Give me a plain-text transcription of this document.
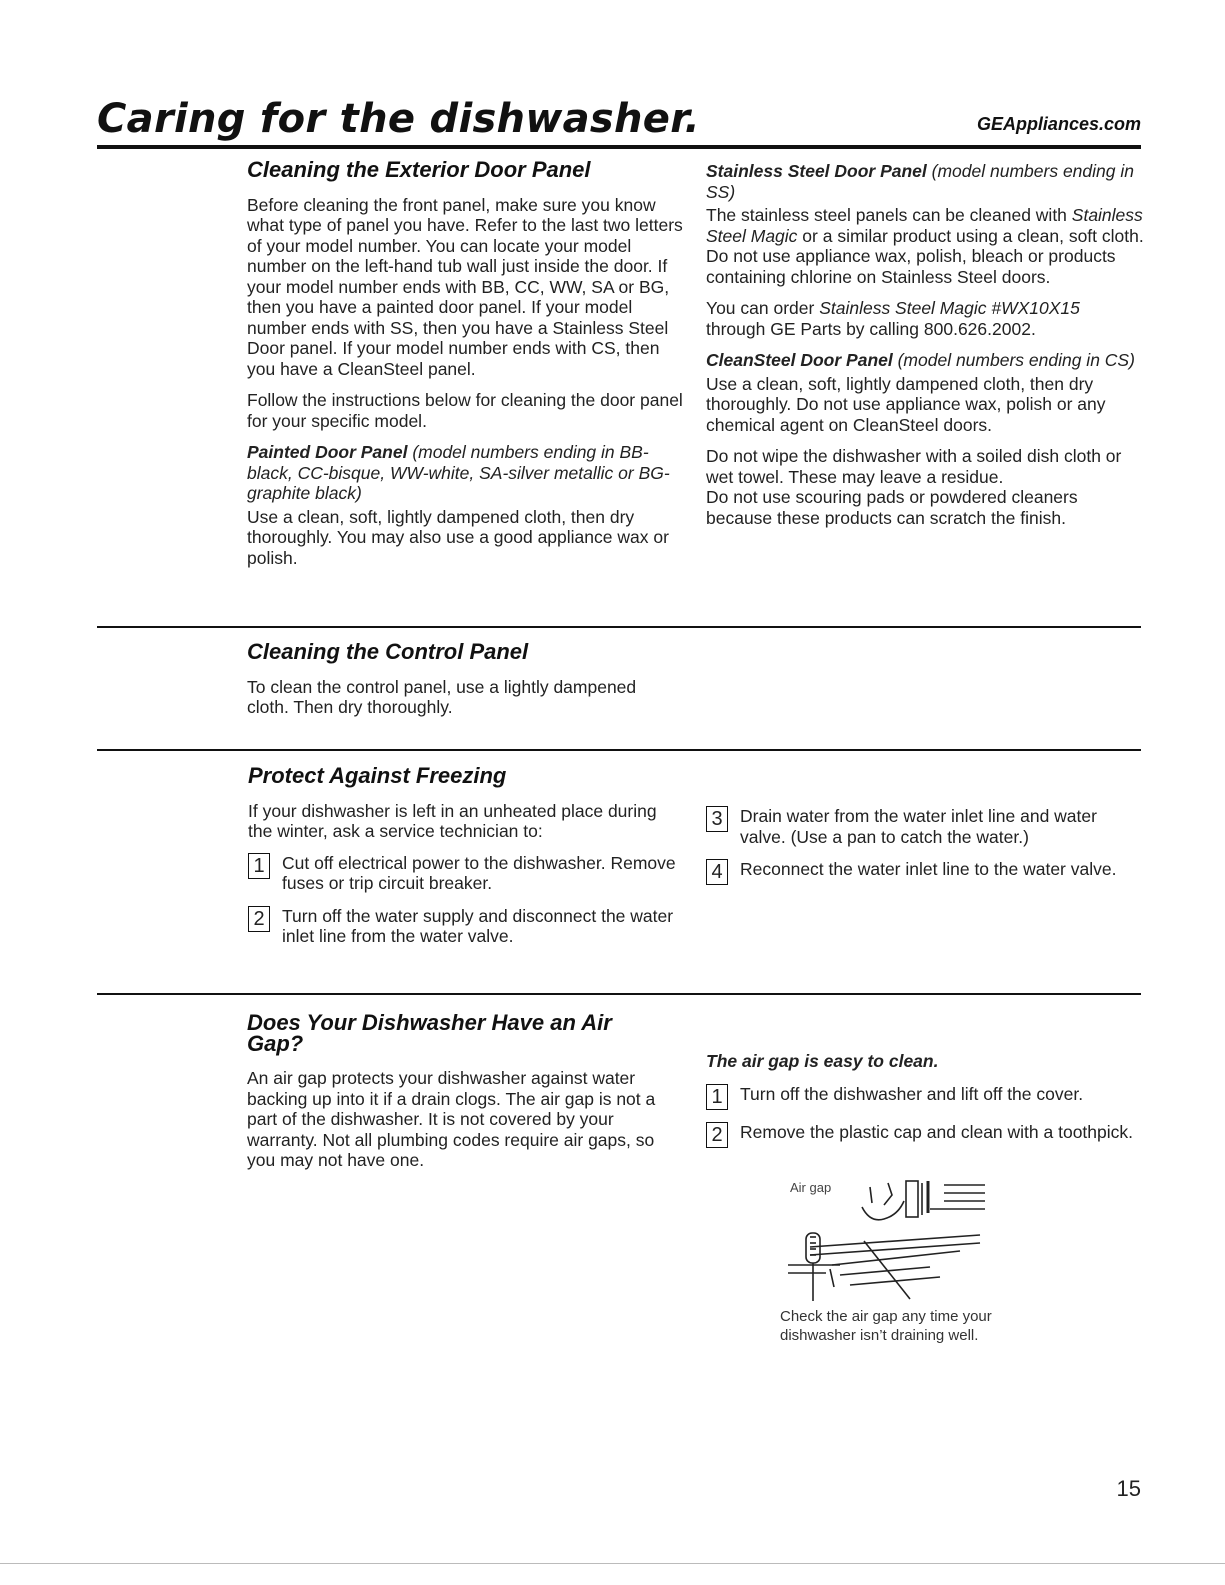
Caring for the dishwasher.	GEAppliances.com
Cleaning the Exterior Door Panel

Before cleaning the front panel, make sure you know what type of panel you have. Refer to the last two letters of your model number. You can locate your model number on the left-hand tub wall just inside the door. If your model number ends with BB, CC, WW, SA or BG, then you have a painted door panel. If your model number ends with SS, then you have a Stainless Steel Door panel. If your model number ends with CS, then you have a CleanSteel panel.

Follow the instructions below for cleaning the door panel for your specific model.

Painted Door Panel (model numbers ending in BB-black, CC-bisque, WW-white, SA-silver metallic or BG-graphite black)

Use a clean, soft, lightly dampened cloth, then dry thoroughly. You may also use a good appliance wax or polish.

Stainless Steel Door Panel (model numbers ending in SS)

The stainless steel panels can be cleaned with Stainless Steel Magic or a similar product using a clean, soft cloth. Do not use appliance wax, polish, bleach or products containing chlorine on Stainless Steel doors.

You can order Stainless Steel Magic #WX10X15 through GE Parts by calling 800.626.2002.

CleanSteel Door Panel (model numbers ending in CS)

Use a clean, soft, lightly dampened cloth, then dry thoroughly. Do not use appliance wax, polish or any chemical agent on CleanSteel doors.

Do not wipe the dishwasher with a soiled dish cloth or wet towel. These may leave a residue.

Do not use scouring pads or powdered cleaners because these products can scratch the finish.

Cleaning the Control Panel

To clean the control panel, use a lightly dampened cloth. Then dry thoroughly.

Protect Against Freezing

If your dishwasher is left in an unheated place during the winter, ask a service technician to:

1 Cut off electrical power to the dishwasher. Remove fuses or trip circuit breaker.
2 Turn off the water supply and disconnect the water inlet line from the water valve.
3 Drain water from the water inlet line and water valve. (Use a pan to catch the water.)
4 Reconnect the water inlet line to the water valve.
Does Your Dishwasher Have an Air Gap?

An air gap protects your dishwasher against water backing up into it if a drain clogs. The air gap is not a part of the dishwasher. It is not covered by your warranty. Not all plumbing codes require air gaps, so you may not have one.

The air gap is easy to clean.

1 Turn off the dishwasher and lift off the cover.
2 Remove the plastic cap and clean with a toothpick.
Air gap
Check the air gap any time your dishwasher isn’t draining well.
15
